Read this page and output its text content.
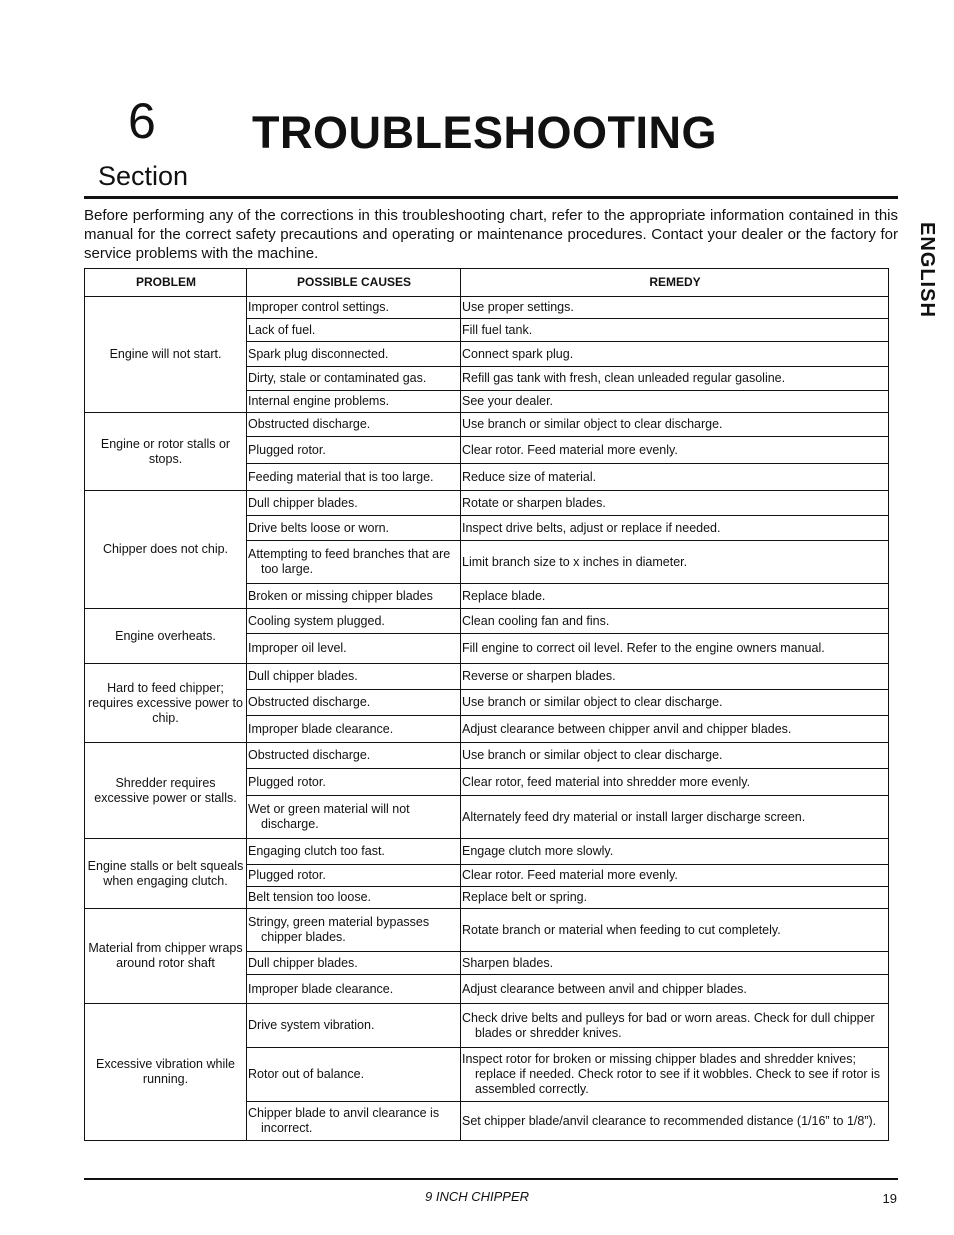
6
Section
TROUBLESHOOTING

Before performing any of the corrections in this troubleshooting chart, refer to the appropriate information contained in this manual for the correct safety precautions and operating or maintenance procedures. Contact your dealer or the factory for service problems with the machine.	ENGLISH
PROBLEM	POSSIBLE CAUSES	REMEDY
Engine will not start.	Improper control settings.	Use proper settings.

	Lack of fuel.	Fill fuel tank.

	Spark plug disconnected.	Connect spark plug.

	Dirty, stale or contaminated gas.	Refill gas tank with fresh, clean unleaded regular gasoline.

	Internal engine problems.	See your dealer.

Engine or rotor stalls or stops.	Obstructed discharge.	Use branch or similar object to clear discharge.

	Plugged rotor.	Clear rotor. Feed material more evenly.

	Feeding material that is too large.	Reduce size of material.

Chipper does not chip.	Dull chipper blades.	Rotate or sharpen blades.

	Drive belts loose or worn.	Inspect drive belts, adjust or replace if needed.

	Attempting to feed branches that are too large.	Limit branch size to x inches in diameter.

	Broken or missing chipper blades	Replace blade.

Engine overheats.	Cooling system plugged.	Clean cooling fan and fins.

	Improper oil level.	Fill engine to correct oil level. Refer to the engine owners manual.

Hard to feed chipper; requires excessive power to chip.	Dull chipper blades.	Reverse or sharpen blades.

	Obstructed discharge.	Use branch or similar object to clear discharge.

	Improper blade clearance.	Adjust clearance between chipper anvil and chipper blades.

Shredder requires excessive power or stalls.	Obstructed discharge.	Use branch or similar object to clear discharge.

	Plugged rotor.	Clear rotor, feed material into shredder more evenly.

	Wet or green material will not discharge.	Alternately feed dry material or install larger discharge screen.

Engine stalls or belt squeals when engaging clutch.	Engaging clutch too fast.	Engage clutch more slowly.

	Plugged rotor.	Clear rotor. Feed material more evenly.

	Belt tension too loose.	Replace belt or spring.

Material from chipper wraps around rotor shaft	Stringy, green material bypasses chipper blades.	Rotate branch or material when feeding to cut completely.

	Dull chipper blades.	Sharpen blades.

	Improper blade clearance.	Adjust clearance between anvil and chipper blades.

Excessive vibration while running.	Drive system vibration.	Check drive belts and pulleys for bad or worn areas. Check for dull chipper blades or shredder knives.

	Rotor out of balance.	Inspect rotor for broken or missing chipper blades and shredder knives; replace if needed. Check rotor to see if it wobbles. Check to see if rotor is assembled correctly.

	Chipper blade to anvil clearance is incorrect.	Set chipper blade/anvil clearance to recommended distance (1/16” to 1/8”).
9 INCH CHIPPER	19
